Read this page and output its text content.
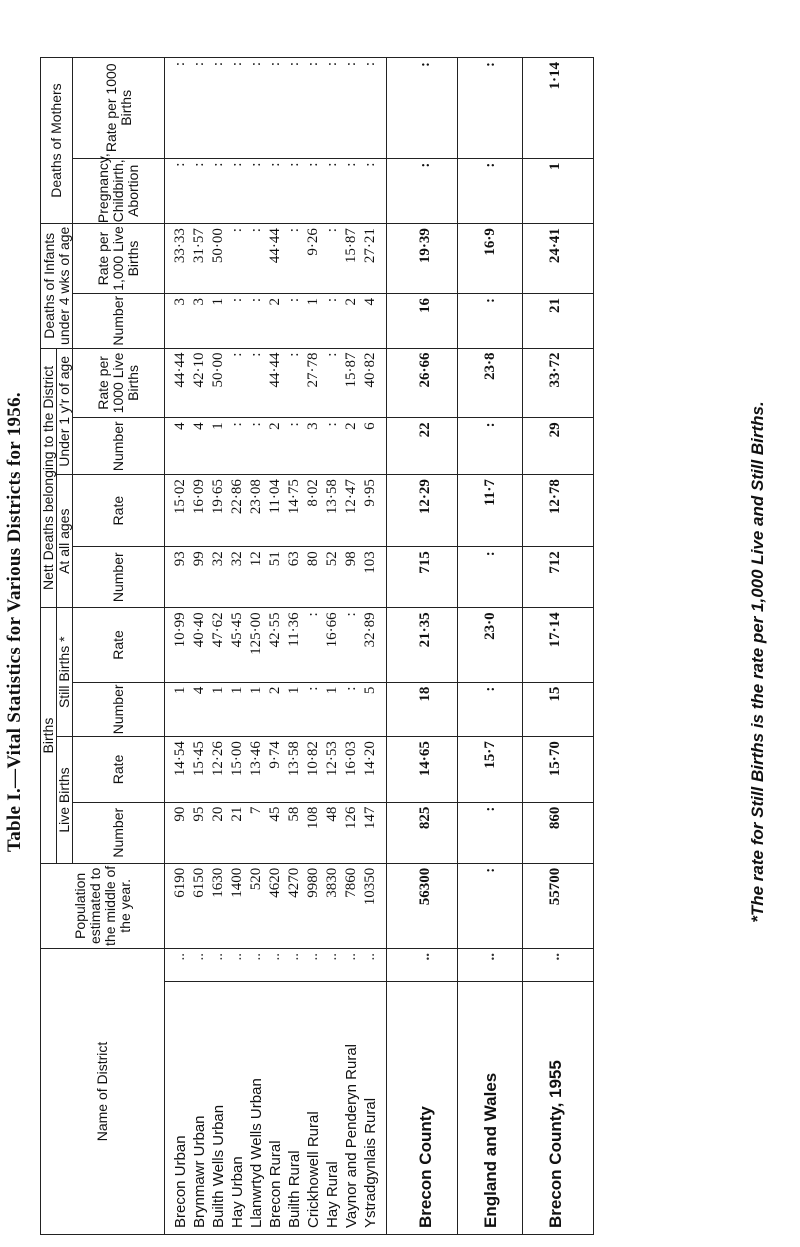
Table I.—Vital Statistics for Various Districts for 1956.
Name of District		Population estimated to the middle of the year.	Births				Nett Deaths belonging to the District				Deaths of Infants under 4 wks of age		Deaths of Mothers	
			Live Births		Still Births *		At all ages		Under 1 y'r of age					
			Number	Rate	Number	Rate	Number	Rate	Number	Rate per 1000 Live Births	Number	Rate per 1,000 Live Births	Pregnancy, Childbirth, Abortion	Rate per 1000 Births
Brecon Urban	..	6190	90	14·54	1	10·99	93	15·02	4	44·44	3	33·33	:	:
Brynmawr Urban	..	6150	95	15·45	4	40·40	99	16·09	4	42·10	3	31·57	:	:
Builth Wells Urban	..	1630	20	12·26	1	47·62	32	19·65	1	50·00	1	50·00	:	:
Hay Urban	..	1400	21	15·00	1	45·45	32	22·86	:	:	:	:	:	:
Llanwrtyd Wells Urban	..	520	7	13·46	1	125·00	12	23·08	:	:	:	:	:	:
Brecon Rural	..	4620	45	9·74	2	42·55	51	11·04	2	44·44	2	44·44	:	:
Builth Rural	..	4270	58	13·58	1	11·36	63	14·75	:	:	:	:	:	:
Crickhowell Rural	..	9980	108	10·82	:	:	80	8·02	3	27·78	1	9·26	:	:
Hay Rural	..	3830	48	12·53	1	16·66	52	13·58	:	:	:	:	:	:
Vaynor and Penderyn Rural	..	7860	126	16·03	:	:	98	12·47	2	15·87	2	15·87	:	:
Ystradgynlais Rural	..	10350	147	14·20	5	32·89	103	9·95	6	40·82	4	27·21	:	:
Brecon County	..	56300	825	14·65	18	21·35	715	12·29	22	26·66	16	19·39	:	:
England and Wales	..	:	:	15·7	:	23·0	:	11·7	:	23·8	:	16·9	:	:
Brecon County, 1955	..	55700	860	15·70	15	17·14	712	12·78	29	33·72	21	24·41	1	1·14
*The rate for Still Births is the rate per 1,000 Live and Still Births.
